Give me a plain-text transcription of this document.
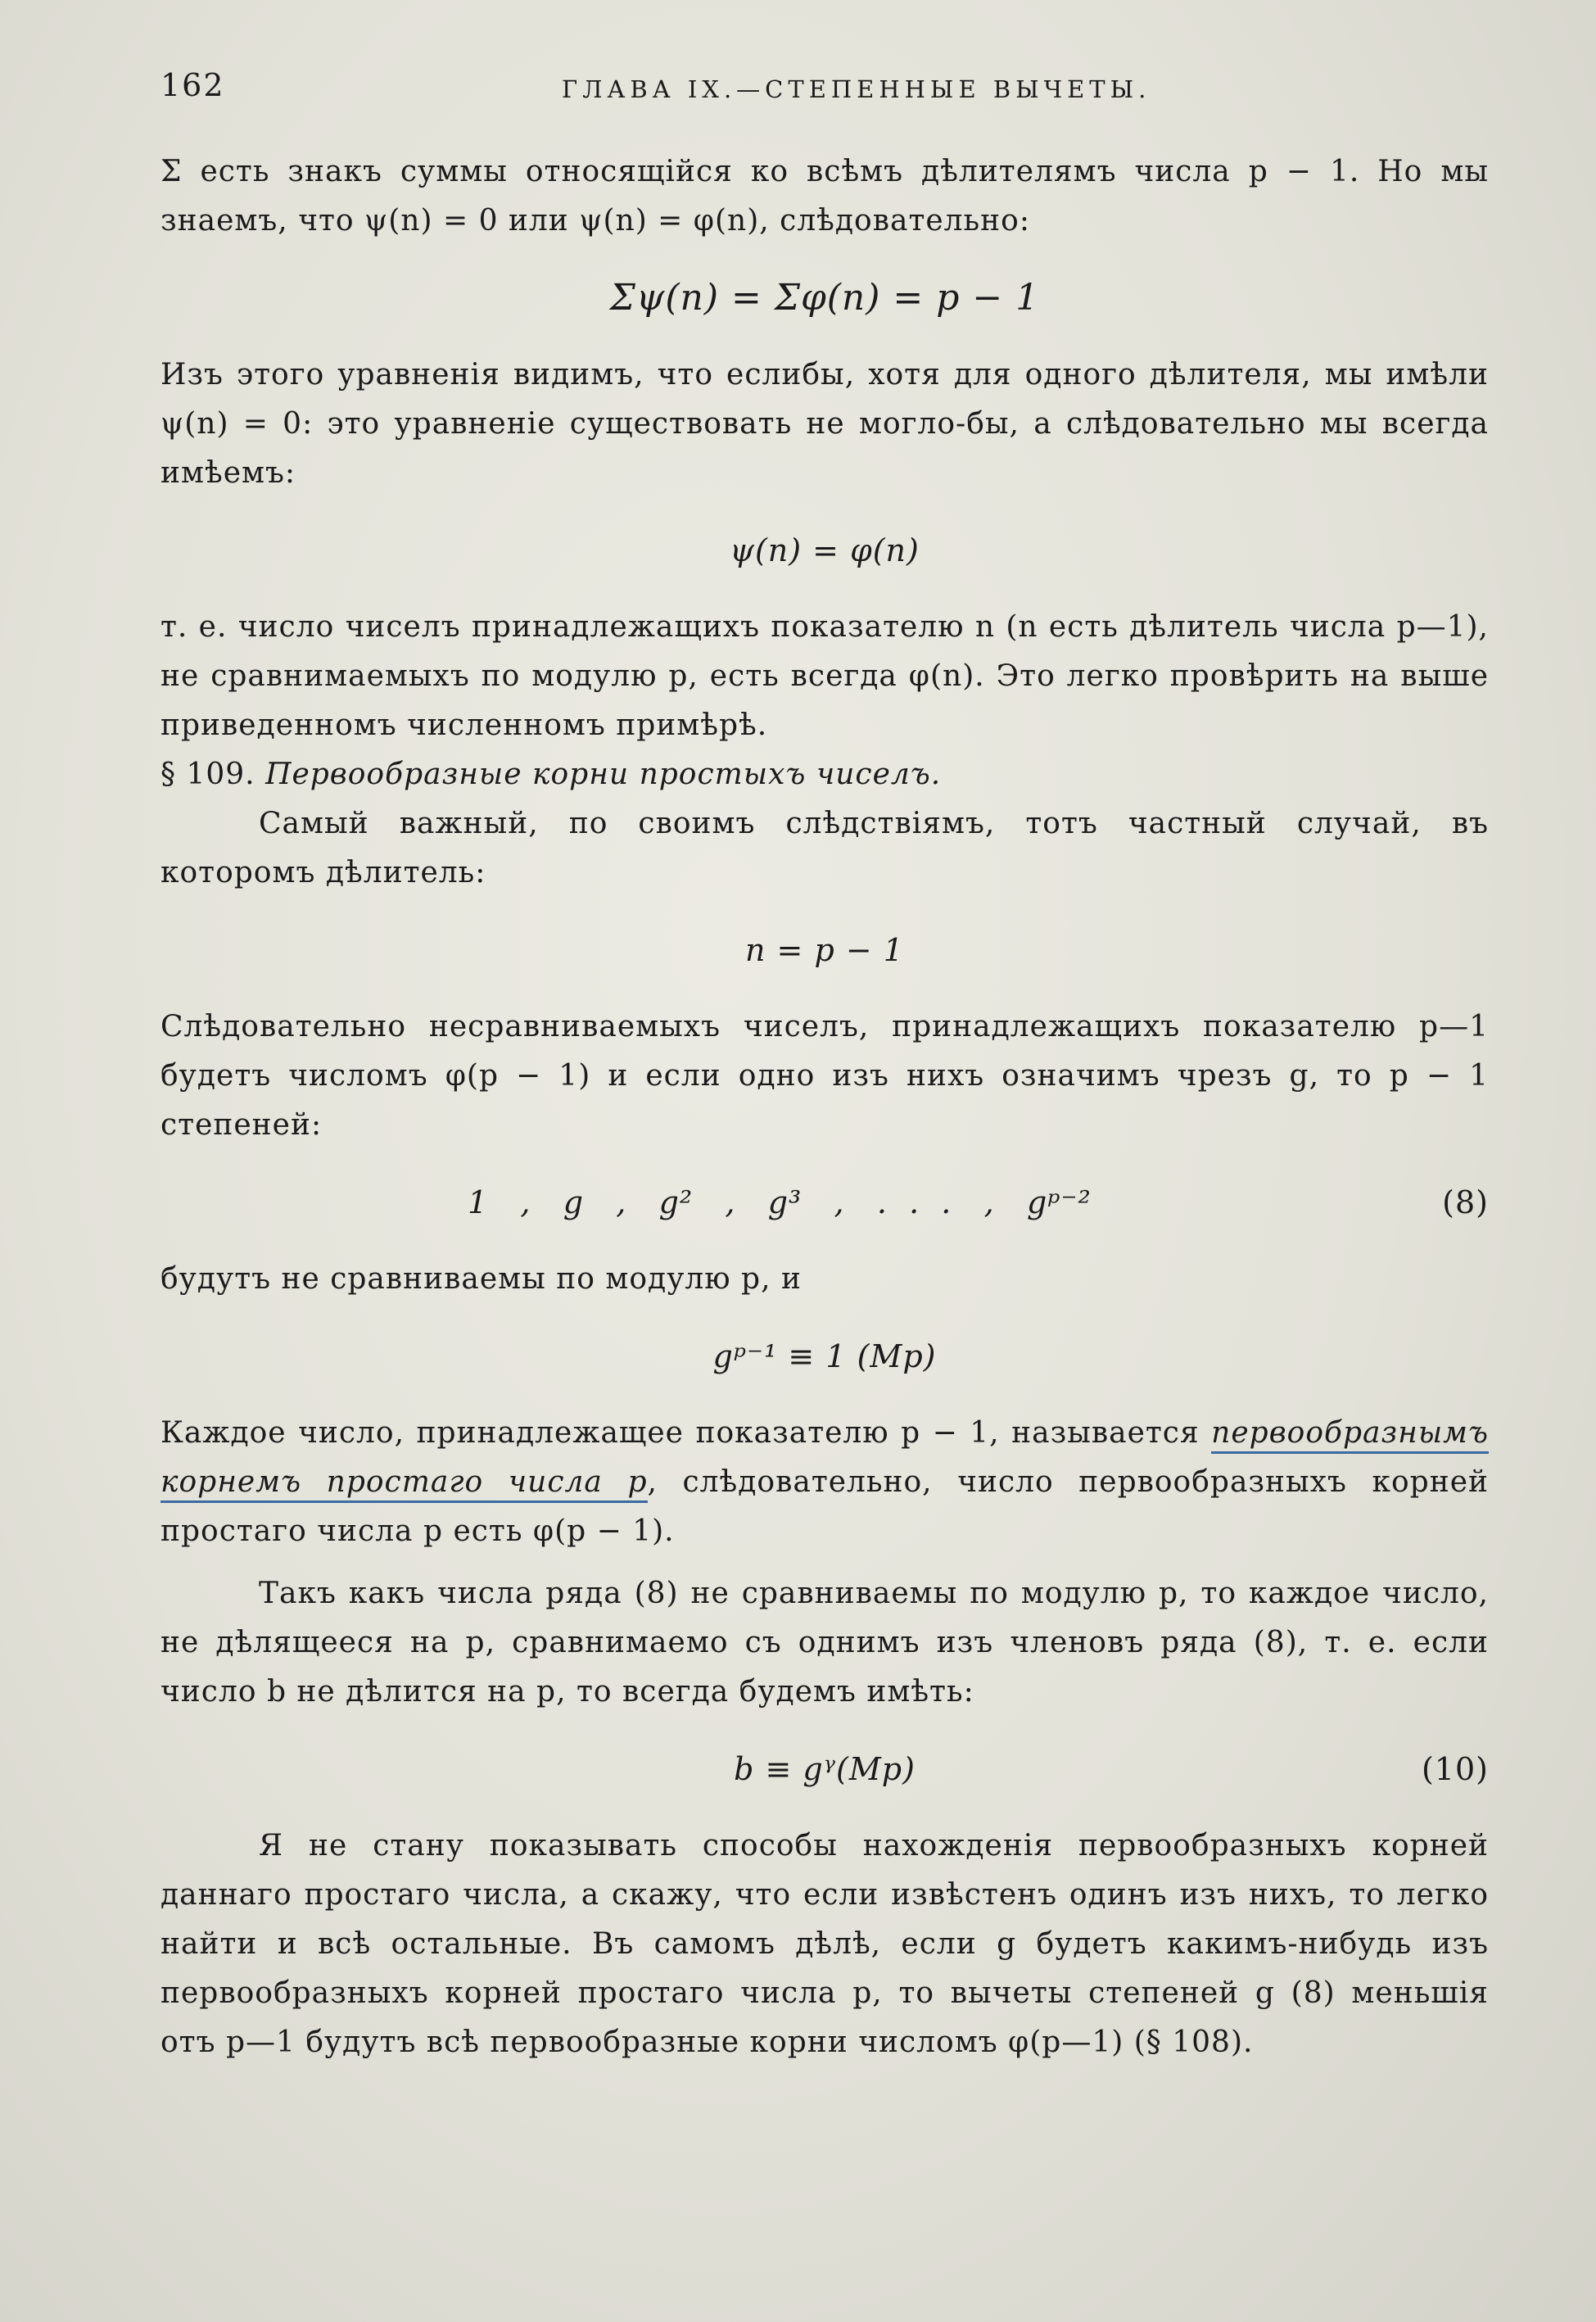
162	ГЛАВА IX.—СТЕПЕННЫЕ ВЫЧЕТЫ.

Σ есть знакъ суммы относящійся ко всѣмъ дѣлителямъ числа p − 1. Но мы знаемъ, что ψ(n) = 0 или ψ(n) = φ(n), слѣдовательно:

Σψ(n) = Σφ(n) = p − 1

Изъ этого уравненія видимъ, что еслибы, хотя для одного дѣлителя, мы имѣли ψ(n) = 0: это уравненіе существовать не могло-бы, а слѣдовательно мы всегда имѣемъ:

ψ(n) = φ(n)

т. е. число чиселъ принадлежащихъ показателю n (n есть дѣлитель числа p—1), не сравнимаемыхъ по модулю p, есть всегда φ(n). Это легко провѣрить на выше приведенномъ численномъ примѣрѣ.

§ 109. Первообразные корни простыхъ чиселъ.

Самый важный, по своимъ слѣдствіямъ, тотъ частный случай, въ которомъ дѣлитель:

n = p − 1

Слѣдовательно несравниваемыхъ чиселъ, принадлежащихъ показателю p—1 будетъ числомъ φ(p − 1) и если одно изъ нихъ означимъ чрезъ g, то p − 1 степеней:

1   ,   g   ,   g²   ,   g³   ,   .  .  .   ,   gᵖ⁻²	(8)

будутъ не сравниваемы по модулю p, и

gᵖ⁻¹ ≡ 1 (Mp)

Каждое число, принадлежащее показателю p − 1, называется первообразнымъ корнемъ простаго числа p, слѣдовательно, число первообразныхъ корней простаго числа p есть φ(p − 1).

Такъ какъ числа ряда (8) не сравниваемы по модулю p, то каждое число, не дѣлящееся на p, сравнимаемо съ однимъ изъ членовъ ряда (8), т. е. если число b не дѣлится на p, то всегда будемъ имѣть:

b ≡ gᵞ(Mp)	(10)

Я не стану показывать способы нахожденія первообразныхъ корней даннаго простаго числа, а скажу, что если извѣстенъ одинъ изъ нихъ, то легко найти и всѣ остальные. Въ самомъ дѣлѣ, если g будетъ какимъ-нибудь изъ первообразныхъ корней простаго числа p, то вычеты степеней g (8) меньшія отъ p—1 будутъ всѣ первообразные корни числомъ φ(p—1) (§ 108).
